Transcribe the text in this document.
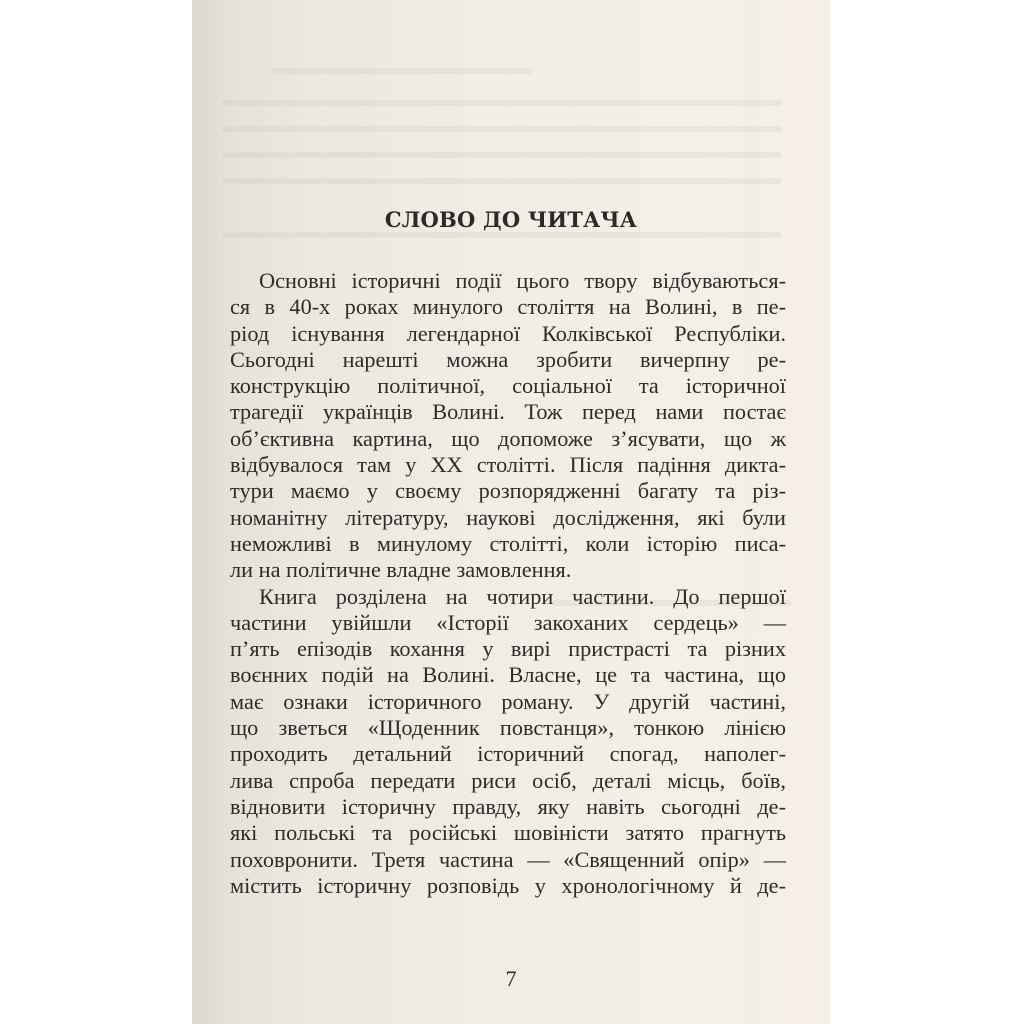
СЛОВО ДО ЧИТАЧА
Основні історичні події цього твору відбуваються-
ся в 40-х роках минулого століття на Волині, в пе-
ріод існування легендарної Колківської Республіки.
Сьогодні нарешті можна зробити вичерпну ре-
конструкцію політичної, соціальної та історичної
трагедії українців Волині. Тож перед нами постає
об’єктивна картина, що допоможе з’ясувати, що ж
відбувалося там у ХХ столітті. Після падіння дикта-
тури маємо у своєму розпорядженні багату та різ-
номанітну літературу, наукові дослідження, які були
неможливі в минулому столітті, коли історію писа-
ли на політичне владне замовлення.
Книга розділена на чотири частини. До першої
частини увійшли «Історії закоханих сердець» —
п’ять епізодів кохання у вирі пристрасті та різних
воєнних подій на Волині. Власне, це та частина, що
має ознаки історичного роману. У другій частині,
що зветься «Щоденник повстанця», тонкою лінією
проходить детальний історичний спогад, наполег-
лива спроба передати риси осіб, деталі місць, боїв,
відновити історичну правду, яку навіть сьогодні де-
які польські та російські шовіністи затято прагнуть
поховронити. Третя частина — «Священний опір» —
містить історичну розповідь у хронологічному й де-
7
